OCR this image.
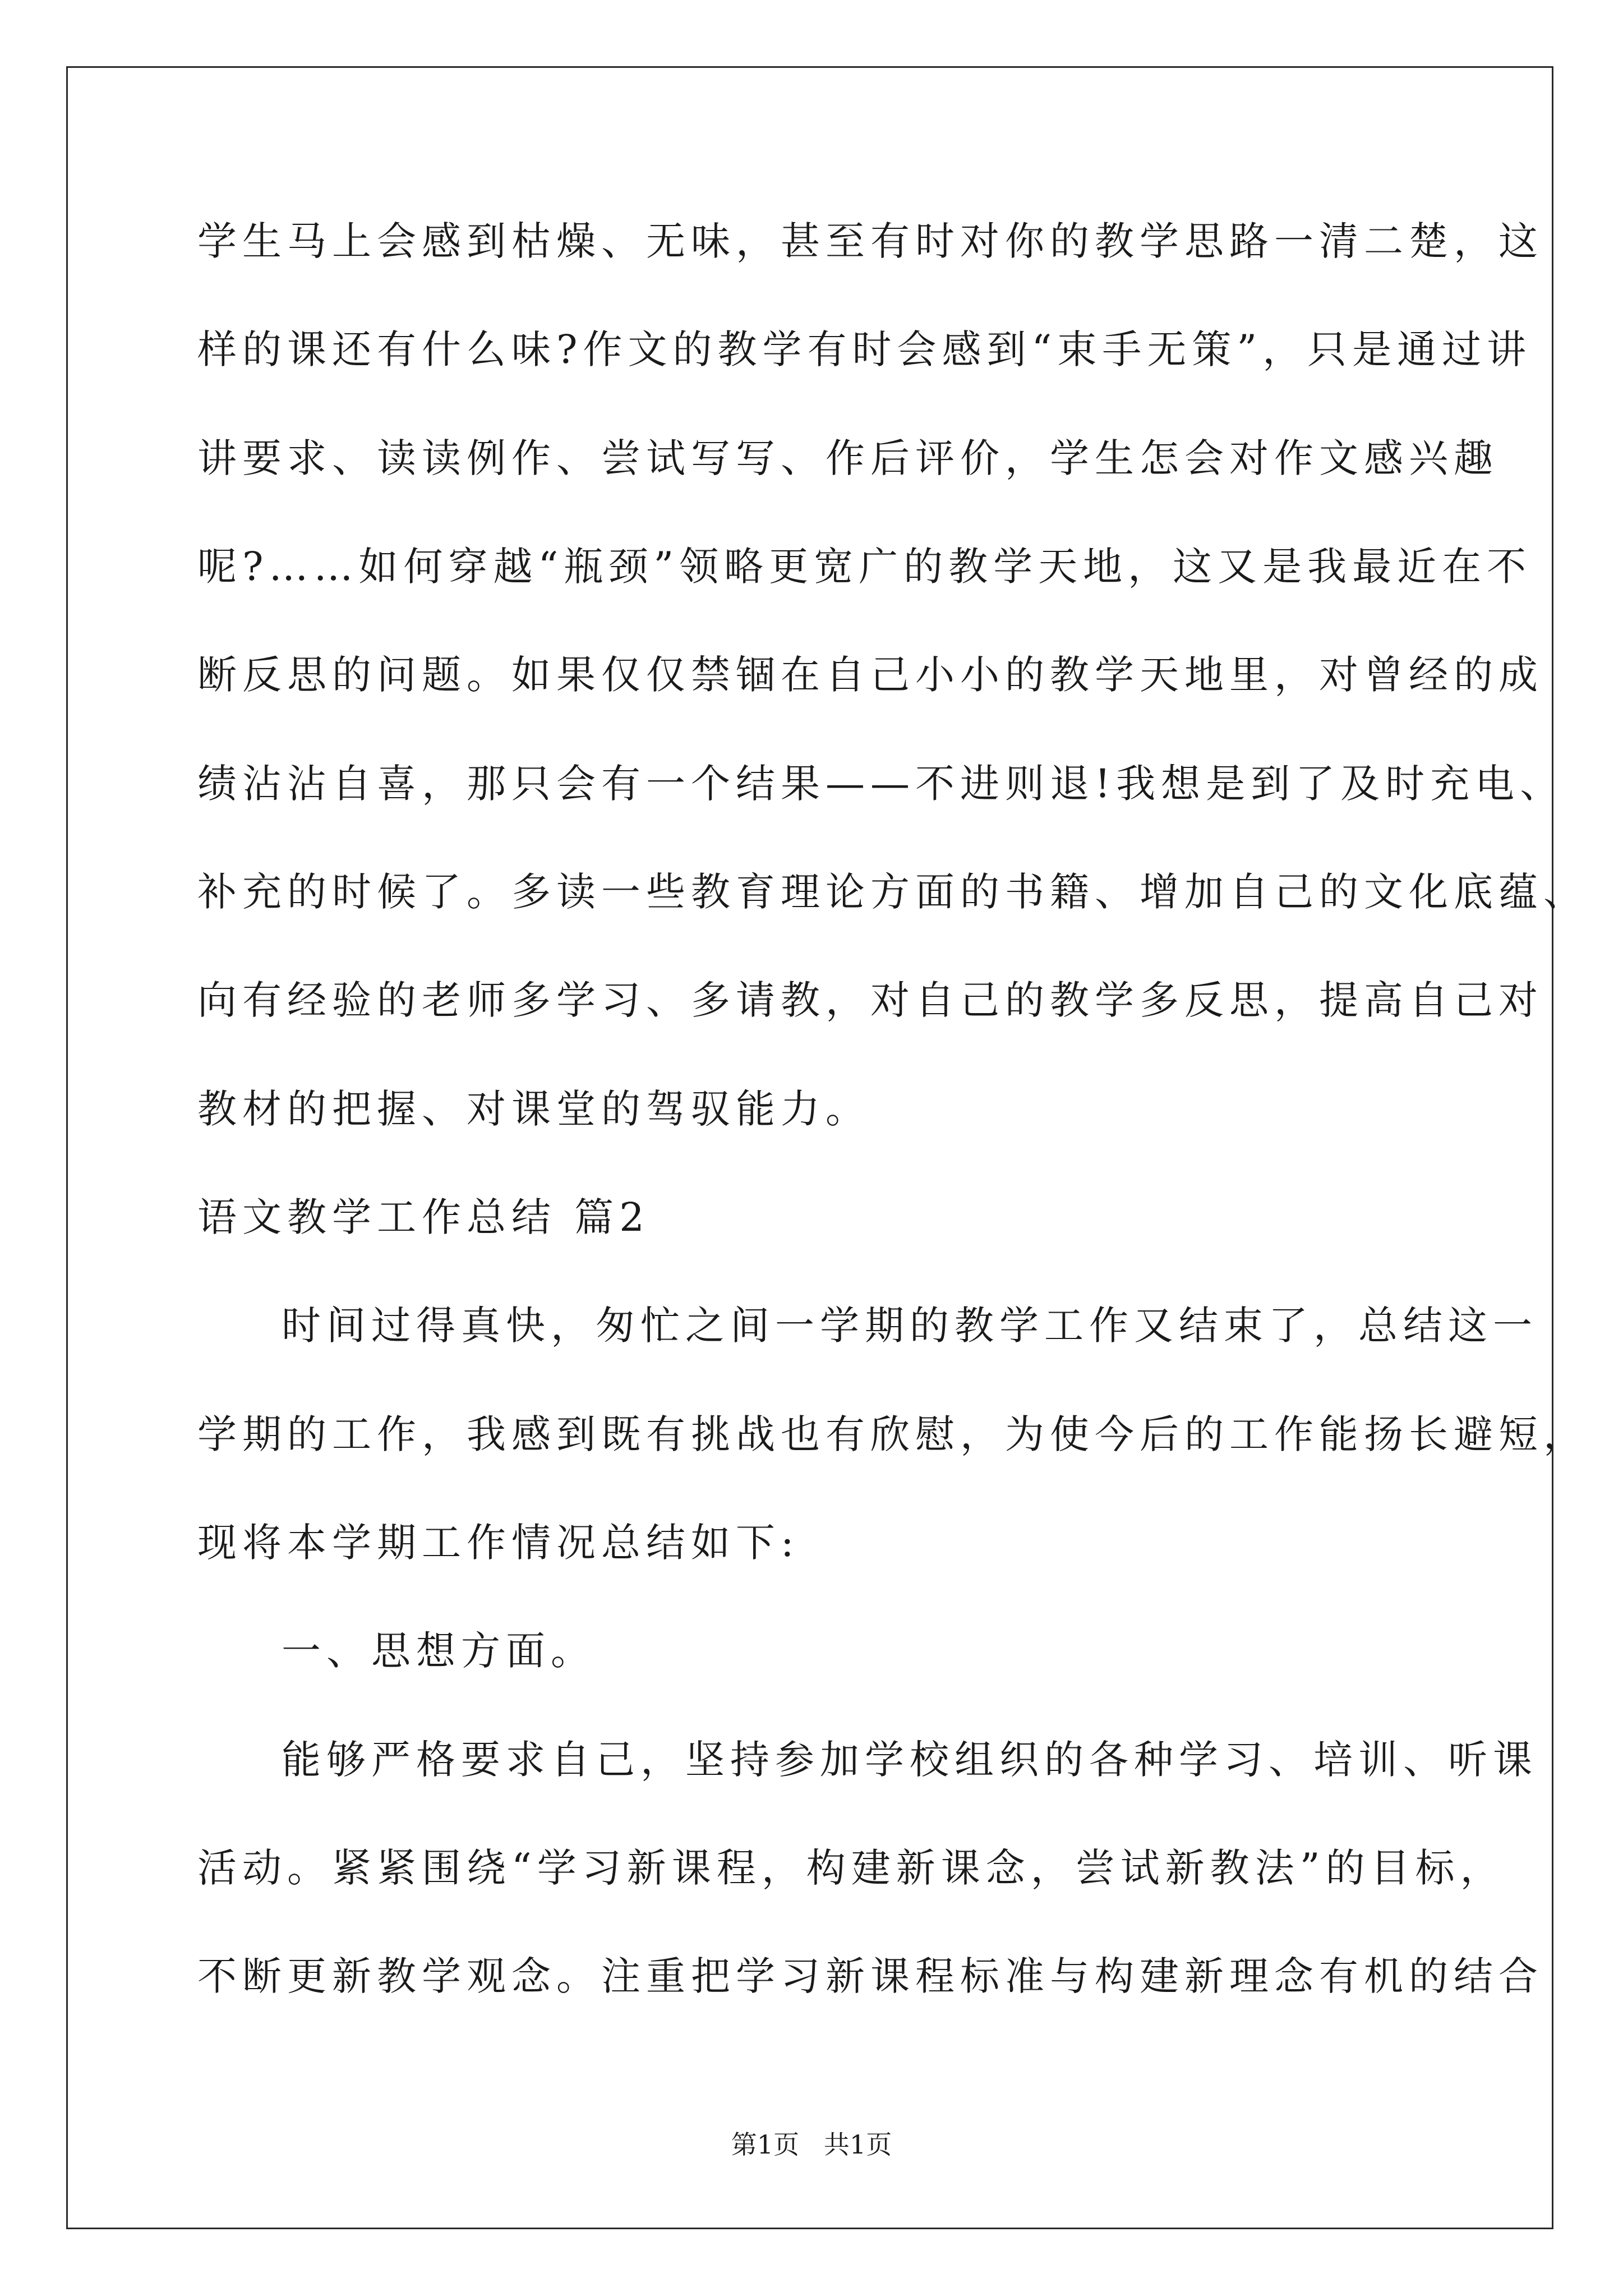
学生马上会感到枯燥、无味，甚至有时对你的教学思路一清二楚，这
样的课还有什么味?作文的教学有时会感到“束手无策”，只是通过讲
讲要求、读读例作、尝试写写、作后评价，学生怎会对作文感兴趣
呢?……如何穿越“瓶颈”领略更宽广的教学天地，这又是我最近在不
断反思的问题。如果仅仅禁锢在自己小小的教学天地里，对曾经的成
绩沾沾自喜，那只会有一个结果——不进则退!我想是到了及时充电、
补充的时候了。多读一些教育理论方面的书籍、增加自己的文化底蕴、
向有经验的老师多学习、多请教，对自己的教学多反思，提高自己对
教材的把握、对课堂的驾驭能力。
语文教学工作总结 篇2
时间过得真快，匆忙之间一学期的教学工作又结束了，总结这一
学期的工作，我感到既有挑战也有欣慰，为使今后的工作能扬长避短，
现将本学期工作情况总结如下:
一、思想方面。
能够严格要求自己，坚持参加学校组织的各种学习、培训、听课
活动。紧紧围绕“学习新课程，构建新课念，尝试新教法”的目标，
不断更新教学观念。注重把学习新课程标准与构建新理念有机的结合
第1页   共1页
